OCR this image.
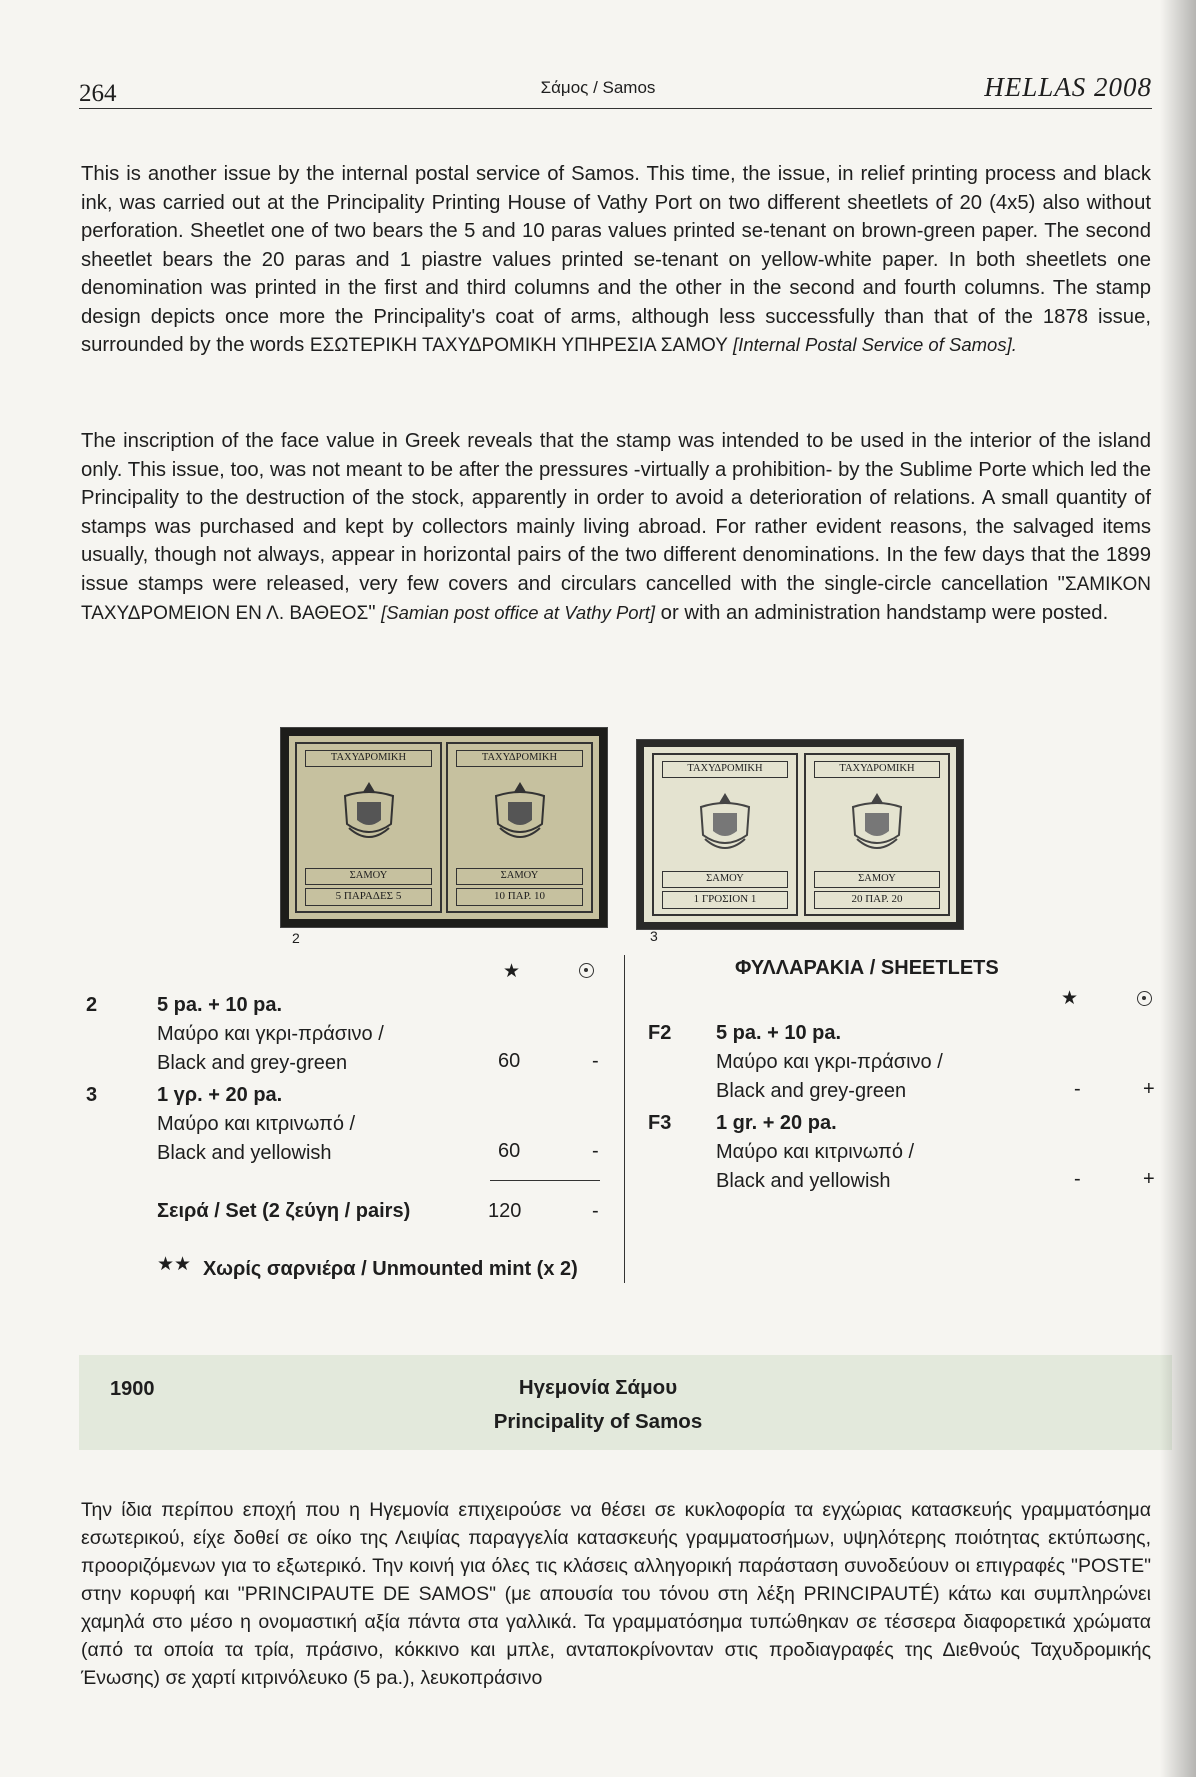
264	Σάμος / Samos	HELLAS 2008

This is another issue by the internal postal service of Samos. This time, the issue, in relief printing process and black ink, was carried out at the Principality Printing House of Vathy Port on two different sheetlets of 20 (4x5) also without perforation. Sheetlet one of two bears the 5 and 10 paras values printed se-tenant on brown-green paper. The second sheetlet bears the 20 paras and 1 piastre values printed se-tenant on yellow-white paper. In both sheetlets one denomination was printed in the first and third columns and the other in the second and fourth columns. The stamp design depicts once more the Principality's coat of arms, although less successfully than that of the 1878 issue, surrounded by the words ΕΣΩΤΕΡΙΚΗ ΤΑΧΥΔΡΟΜΙΚΗ ΥΠΗΡΕΣΙΑ ΣΑΜΟΥ [Internal Postal Service of Samos].

The inscription of the face value in Greek reveals that the stamp was intended to be used in the interior of the island only. This issue, too, was not meant to be after the pressures -virtually a prohibition- by the Sublime Porte which led the Principality to the destruction of the stock, apparently in order to avoid a deterioration of relations. A small quantity of stamps was purchased and kept by collectors mainly living abroad. For rather evident reasons, the salvaged items usually, though not always, appear in horizontal pairs of the two different denominations. In the few days that the 1899 issue stamps were released, very few covers and circulars cancelled with the single-circle cancellation "ΣΑΜΙΚΟΝ ΤΑΧΥΔΡΟΜΕΙΟΝ ΕΝ Λ. ΒΑΘΕΟΣ" [Samian post office at Vathy Port] or with an administration handstamp were posted.

ΤΑΧΥΔΡΟΜΙΚΗ
ΣΑΜΟΥ
5 ΠΑΡΑΔΕΣ 5
ΤΑΧΥΔΡΟΜΙΚΗ
ΣΑΜΟΥ
10 ΠΑΡ. 10
2
ΤΑΧΥΔΡΟΜΙΚΗ
ΣΑΜΟΥ
1 ΓΡΟΣΙΟΝ 1
ΤΑΧΥΔΡΟΜΙΚΗ
ΣΑΜΟΥ
20 ΠΑΡ. 20
3
★
2	5 pa. + 10 pa.
Μαύρο και γκρι-πράσινο /
Black and grey-green	60	-
3	1 γρ. + 20 pa.
Μαύρο και κιτρινωπό /
Black and yellowish	60	-
Σειρά / Set (2 ζεύγη / pairs)	120	-
★★ Χωρίς σαρνιέρα / Unmounted mint (x 2)
ΦΥΛΛΑΡΑΚΙΑ / SHEETLETS
★
F2 5 pa. + 10 pa.
Μαύρο και γκρι-πράσινο /
Black and grey-green	-	+
F3 1 gr. + 20 pa.
Μαύρο και κιτρινωπό /
Black and yellowish	-	+
1900	Ηγεμονία Σάμου
Principality of Samos

Την ίδια περίπου εποχή που η Ηγεμονία επιχειρούσε να θέσει σε κυκλοφορία τα εγχώριας κατασκευής γραμματόσημα εσωτερικού, είχε δοθεί σε οίκο της Λειψίας παραγγελία κατασκευής γραμματοσήμων, υψηλότερης ποιότητας εκτύπωσης, προοριζόμενων για το εξωτερικό. Την κοινή για όλες τις κλάσεις αλληγορική παράσταση συνοδεύουν οι επιγραφές "POSTE" στην κορυφή και "PRINCIPAUTE DE SAMOS" (με απουσία του τόνου στη λέξη PRINCIPAUTÉ) κάτω και συμπληρώνει χαμηλά στο μέσο η ονομαστική αξία πάντα στα γαλλικά. Τα γραμματόσημα τυπώθηκαν σε τέσσερα διαφορετικά χρώματα (από τα οποία τα τρία, πράσινο, κόκκινο και μπλε, ανταποκρίνονταν στις προδιαγραφές της Διεθνούς Ταχυδρομικής Ένωσης) σε χαρτί κιτρινόλευκο (5 pa.), λευκοπράσινο
